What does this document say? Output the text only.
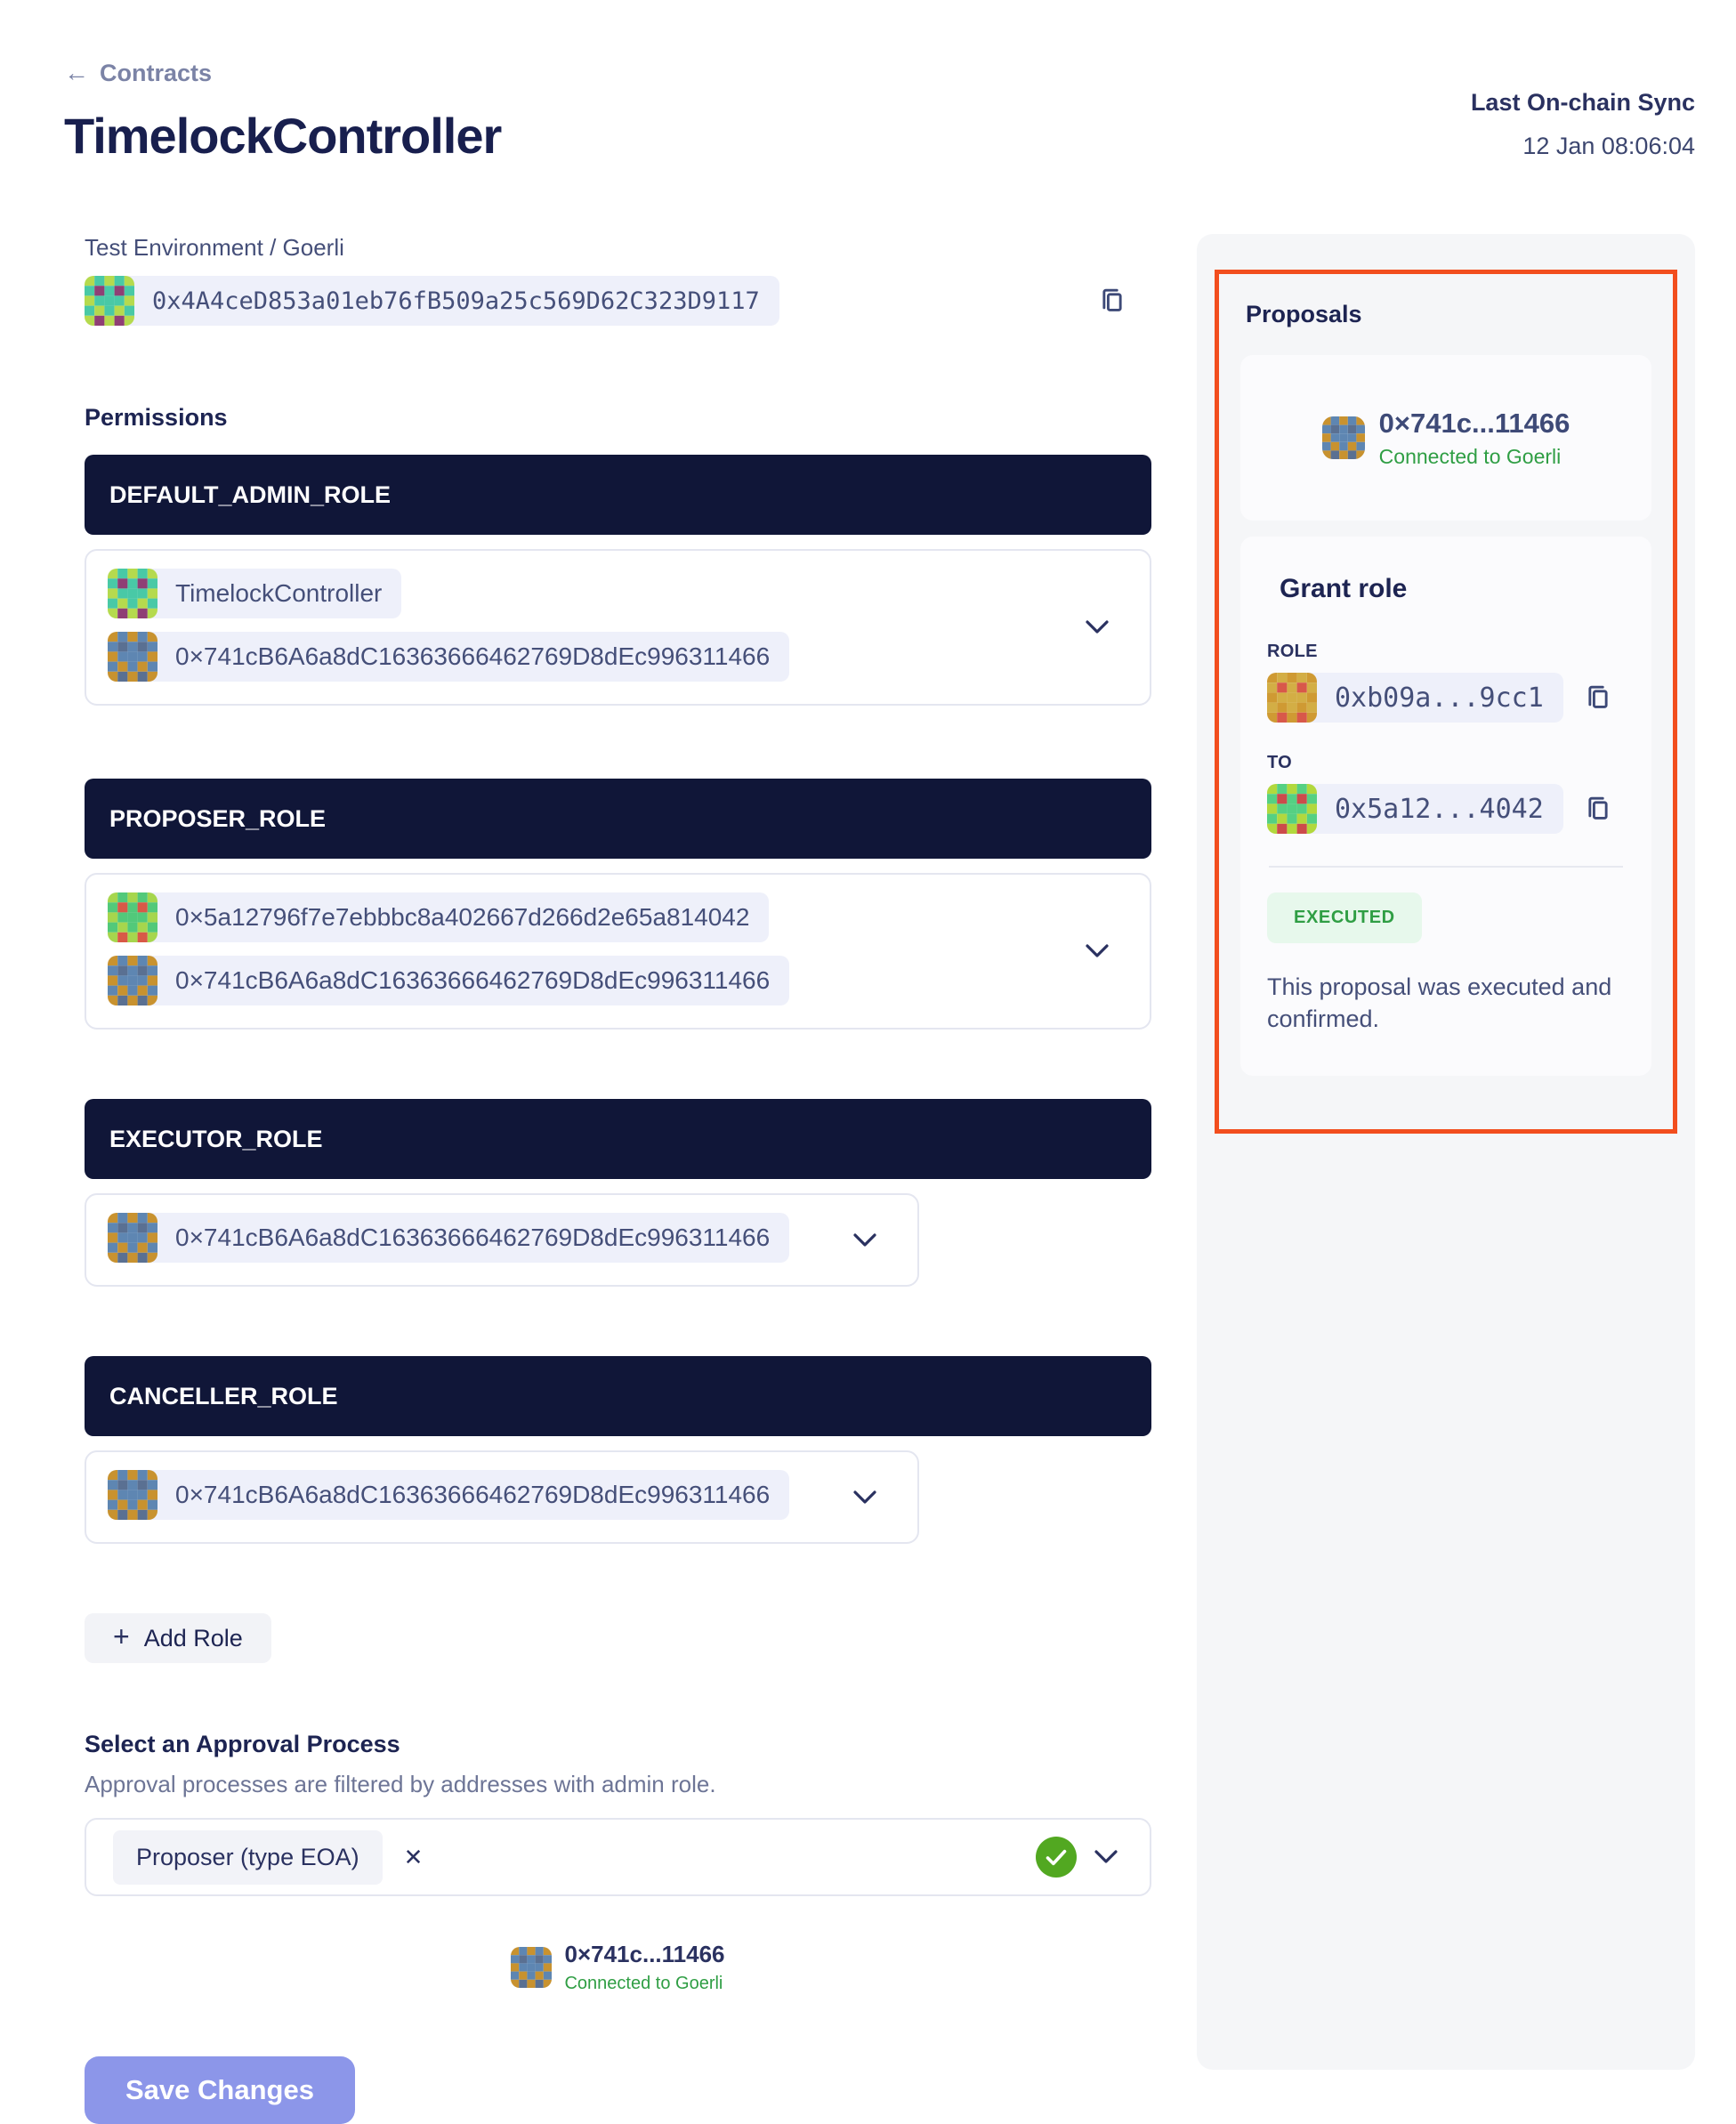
← Contracts
TimelockController
Last On-chain Sync
12 Jan 08:06:04
Test Environment / Goerli
0x4A4ceD853a01eb76fB509a25c569D62C323D9117
Permissions
DEFAULT_ADMIN_ROLE
TimelockController
0×741cB6A6a8dC16363666462769D8dEc996311466
PROPOSER_ROLE
0×5a12796f7e7ebbbc8a402667d266d2e65a814042
0×741cB6A6a8dC16363666462769D8dEc996311466
EXECUTOR_ROLE
0×741cB6A6a8dC16363666462769D8dEc996311466
CANCELLER_ROLE
0×741cB6A6a8dC16363666462769D8dEc996311466
+ Add Role
Select an Approval Process

Approval processes are filtered by addresses with admin role.

Proposer (type EOA)	✕
0×741c...11466
Connected to Goerli
Save Changes
Proposals
0×741c...11466
Connected to Goerli
Grant role
ROLE
0xb09a...9cc1
TO
0x5a12...4042
EXECUTED

This proposal was executed and confirmed.
